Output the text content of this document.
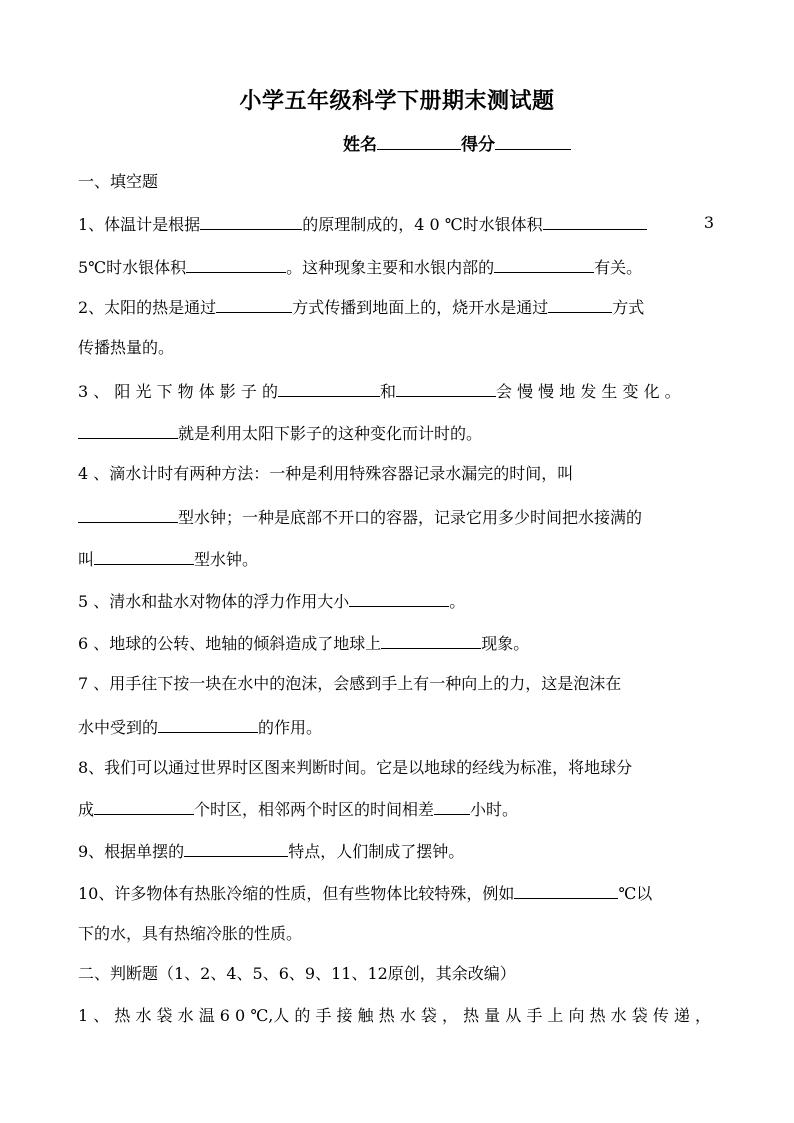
小学五年级科学下册期末测试题
姓名	得分
一、填空题
1、体温计是根据	的原理制成的，4 0 ℃时水银体积	3
5℃时水银体积	。这种现象主要和水银内部的	有关。
2、太阳的热是通过	方式传播到地面上的，烧开水是通过	方式
传播热量的。
3 、 阳 光 下 物 体 影 子 的	和	会 慢 慢 地 发 生 变 化 。
就是利用太阳下影子的这种变化而计时的。
4 、滴水计时有两种方法：一种是利用特殊容器记录水漏完的时间，叫
型水钟；一种是底部不开口的容器，记录它用多少时间把水接满的
叫	型水钟。
5 、清水和盐水对物体的浮力作用大小	。
6 、地球的公转、地轴的倾斜造成了地球上	现象。
7 、用手往下按一块在水中的泡沫，会感到手上有一种向上的力，这是泡沫在
水中受到的	的作用。
8、我们可以通过世界时区图来判断时间。它是以地球的经线为标准，将地球分
成	个时区，相邻两个时区的时间相差 小时。
9、根据单摆的	特点，人们制成了摆钟。
10、许多物体有热胀冷缩的性质，但有些物体比较特殊，例如	℃以
下的水，具有热缩冷胀的性质。
二、判断题（1、2、4、5、6、9、11、12原创，其余改编）
1 、 热 水 袋 水 温 6 0 ℃,人 的 手 接 触 热 水 袋 ， 热 量 从 手 上 向 热 水 袋 传 递 ，
